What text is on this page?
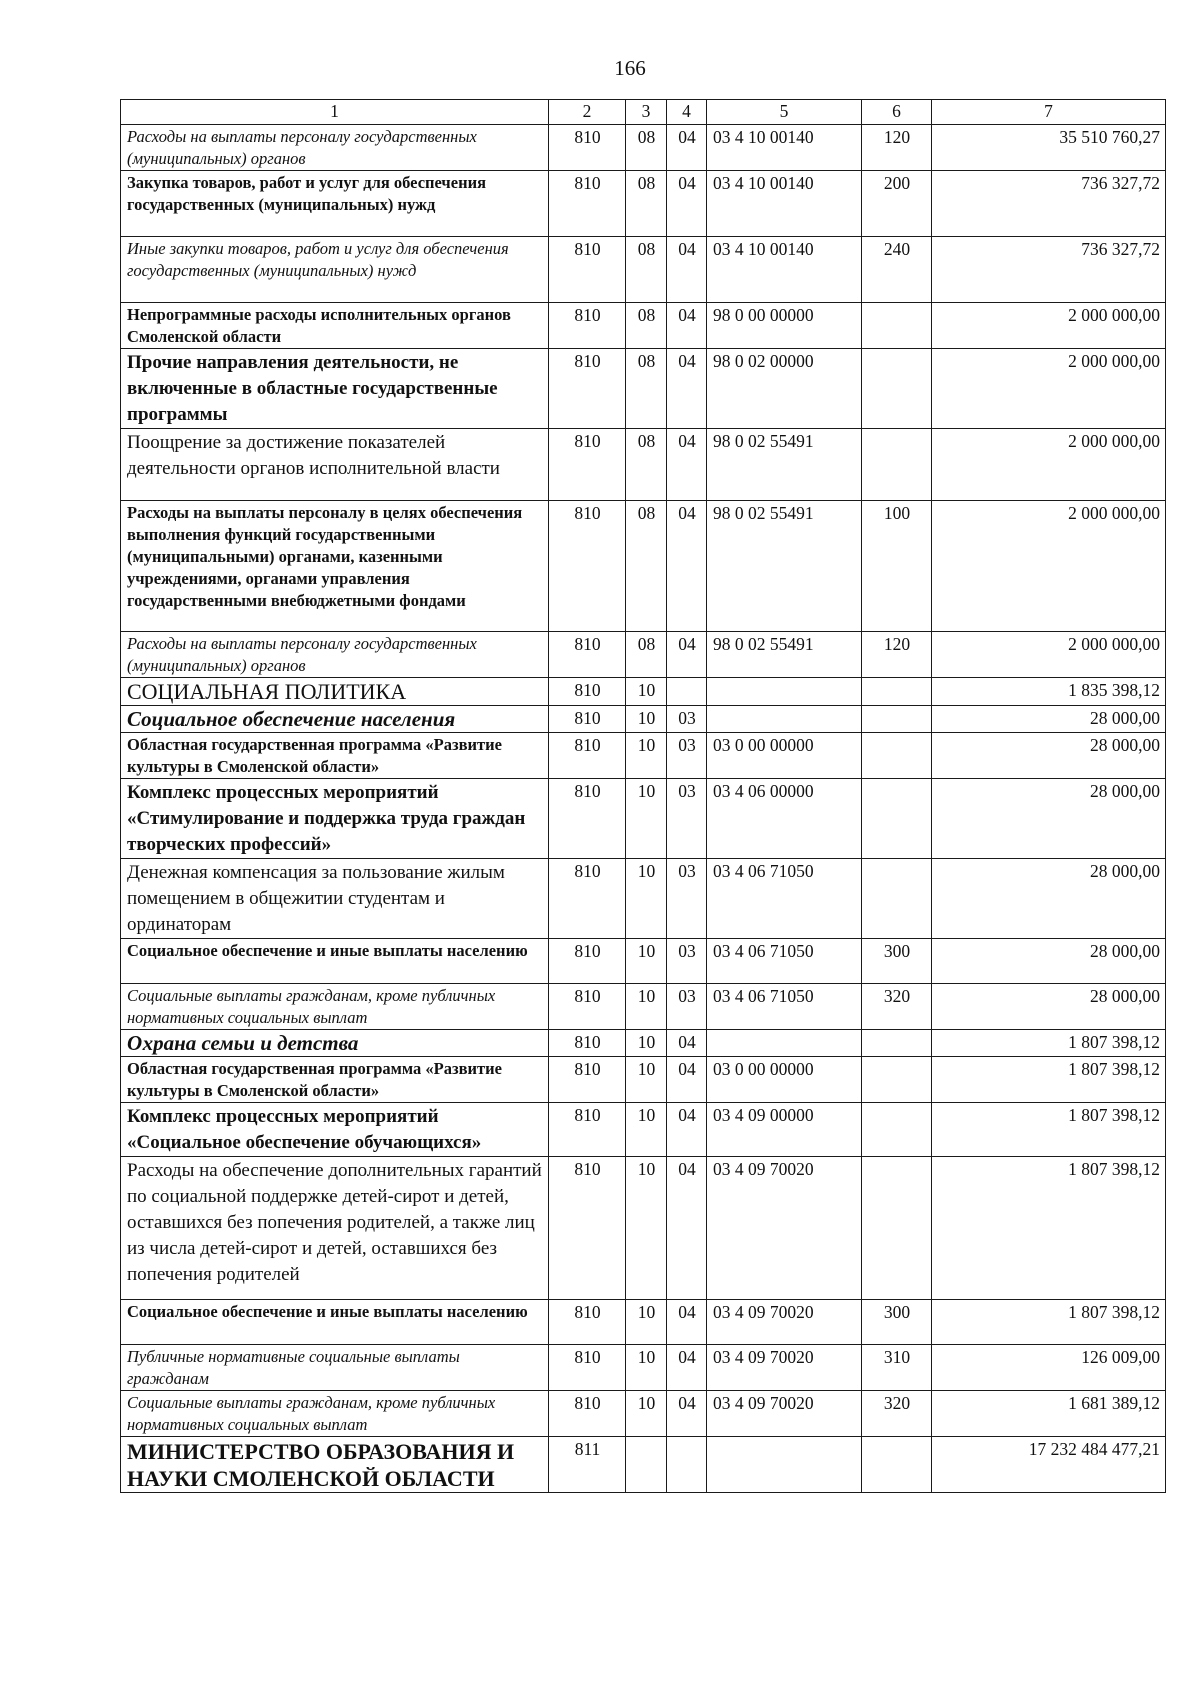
166
1	2	3	4	5	6	7
Расходы на выплаты персоналу государственных (муниципальных) органов	810	08	04	03 4 10 00140	120	35 510 760,27
Закупка товаров, работ и услуг для обеспечения государственных (муниципальных) нужд	810	08	04	03 4 10 00140	200	736 327,72
Иные закупки товаров, работ и услуг для обеспечения государственных (муниципальных) нужд	810	08	04	03 4 10 00140	240	736 327,72
Непрограммные расходы исполнительных органов Смоленской области	810	08	04	98 0 00 00000		2 000 000,00
Прочие направления деятельности, не включенные в областные государственные программы	810	08	04	98 0 02 00000		2 000 000,00
Поощрение за достижение показателей деятельности органов исполнительной власти	810	08	04	98 0 02 55491		2 000 000,00
Расходы на выплаты персоналу в целях обеспечения выполнения функций государственными (муниципальными) органами, казенными учреждениями, органами управления государственными внебюджетными фондами	810	08	04	98 0 02 55491	100	2 000 000,00
Расходы на выплаты персоналу государственных (муниципальных) органов	810	08	04	98 0 02 55491	120	2 000 000,00
СОЦИАЛЬНАЯ ПОЛИТИКА	810	10				1 835 398,12
Социальное обеспечение населения	810	10	03			28 000,00
Областная государственная программа «Развитие культуры в Смоленской области»	810	10	03	03 0 00 00000		28 000,00
Комплекс процессных мероприятий «Стимулирование и поддержка труда граждан творческих профессий»	810	10	03	03 4 06 00000		28 000,00
Денежная компенсация за пользование жилым помещением в общежитии студентам и ординаторам	810	10	03	03 4 06 71050		28 000,00
Социальное обеспечение и иные выплаты населению	810	10	03	03 4 06 71050	300	28 000,00
Социальные выплаты гражданам, кроме публичных нормативных социальных выплат	810	10	03	03 4 06 71050	320	28 000,00
Охрана семьи и детства	810	10	04			1 807 398,12
Областная государственная программа «Развитие культуры в Смоленской области»	810	10	04	03 0 00 00000		1 807 398,12
Комплекс процессных мероприятий «Социальное обеспечение обучающихся»	810	10	04	03 4 09 00000		1 807 398,12
Расходы на обеспечение дополнительных гарантий по социальной поддержке детей-сирот и детей, оставшихся без попечения родителей, а также лиц из числа детей-сирот и детей, оставшихся без попечения родителей	810	10	04	03 4 09 70020		1 807 398,12
Социальное обеспечение и иные выплаты населению	810	10	04	03 4 09 70020	300	1 807 398,12
Публичные нормативные социальные выплаты гражданам	810	10	04	03 4 09 70020	310	126 009,00
Социальные выплаты гражданам, кроме публичных нормативных социальных выплат	810	10	04	03 4 09 70020	320	1 681 389,12
МИНИСТЕРСТВО ОБРАЗОВАНИЯ И НАУКИ СМОЛЕНСКОЙ ОБЛАСТИ	811					17 232 484 477,21
